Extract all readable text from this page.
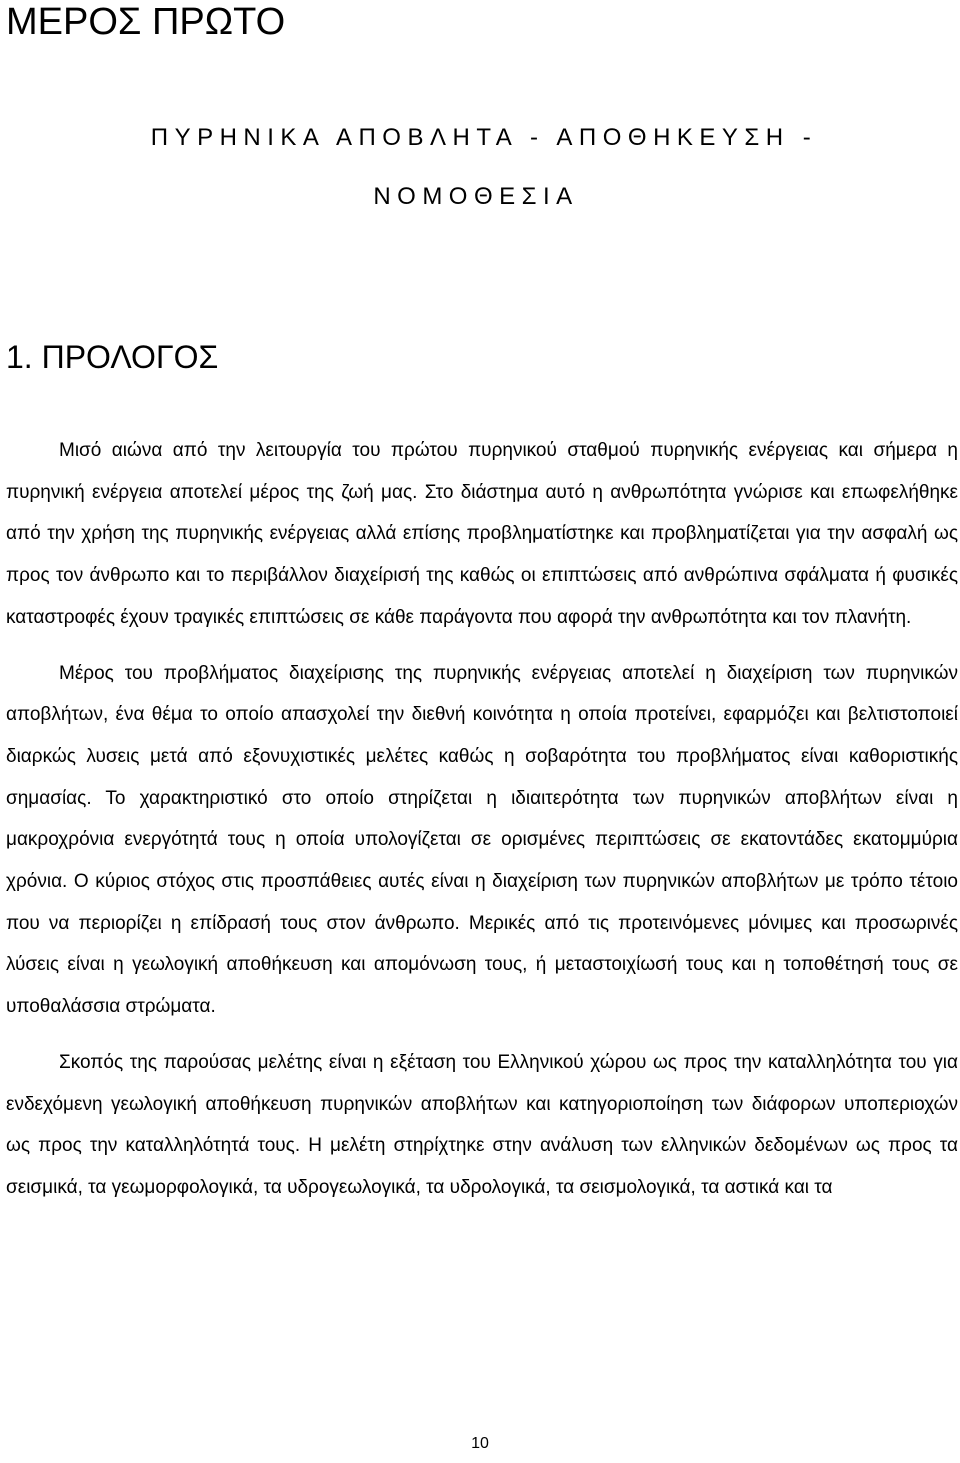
ΜΕΡΟΣ ΠΡΩΤΟ
ΠΥΡΗΝΙΚΑ ΑΠΟΒΛΗΤΑ - ΑΠΟΘΗΚΕΥΣΗ -
ΝΟΜΟΘΕΣΙΑ
1. ΠΡΟΛΟΓΟΣ

Μισό αιώνα από την λειτουργία του πρώτου πυρηνικού σταθμού πυρηνικής ενέργειας και σήμερα η πυρηνική ενέργεια αποτελεί μέρος της ζωή μας. Στο διάστημα αυτό η ανθρωπότητα γνώρισε και επωφελήθηκε από την χρήση της πυρηνικής ενέργειας αλλά επίσης προβληματίστηκε και προβληματίζεται για την ασφαλή ως προς τον άνθρωπο και το περιβάλλον διαχείρισή της καθώς οι επιπτώσεις από ανθρώπινα σφάλματα ή φυσικές καταστροφές έχουν τραγικές επιπτώσεις σε κάθε παράγοντα που αφορά την ανθρωπότητα και τον πλανήτη.

Μέρος του προβλήματος διαχείρισης της πυρηνικής ενέργειας αποτελεί η διαχείριση των πυρηνικών αποβλήτων, ένα θέμα το οποίο απασχολεί την διεθνή κοινότητα η οποία προτείνει, εφαρμόζει και βελτιστοποιεί διαρκώς λυσεις μετά από εξονυχιστικές μελέτες καθώς η σοβαρότητα του προβλήματος είναι καθοριστικής σημασίας. Το χαρακτηριστικό στο οποίο στηρίζεται η ιδιαιτερότητα των πυρηνικών αποβλήτων είναι η μακροχρόνια ενεργότητά τους η οποία υπολογίζεται σε ορισμένες περιπτώσεις σε εκατοντάδες εκατομμύρια χρόνια. Ο κύριος στόχος στις προσπάθειες αυτές είναι η διαχείριση των πυρηνικών αποβλήτων με τρόπο τέτοιο που να περιορίζει η επίδρασή τους στον άνθρωπο. Μερικές από τις προτεινόμενες μόνιμες και προσωρινές λύσεις είναι η γεωλογική αποθήκευση και απομόνωση τους, ή μεταστοιχίωσή τους και η τοποθέτησή τους σε υποθαλάσσια στρώματα.

Σκοπός της παρούσας μελέτης είναι η εξέταση του Ελληνικού χώρου ως προς την καταλληλότητα του για ενδεχόμενη γεωλογική αποθήκευση πυρηνικών αποβλήτων και κατηγοριοποίηση των διάφορων υποπεριοχών ως προς την καταλληλότητά τους. Η μελέτη στηρίχτηκε στην ανάλυση των ελληνικών δεδομένων ως προς τα σεισμικά, τα γεωμορφολογικά, τα υδρογεωλογικά, τα υδρολογικά, τα σεισμολογικά, τα αστικά και τα

10
